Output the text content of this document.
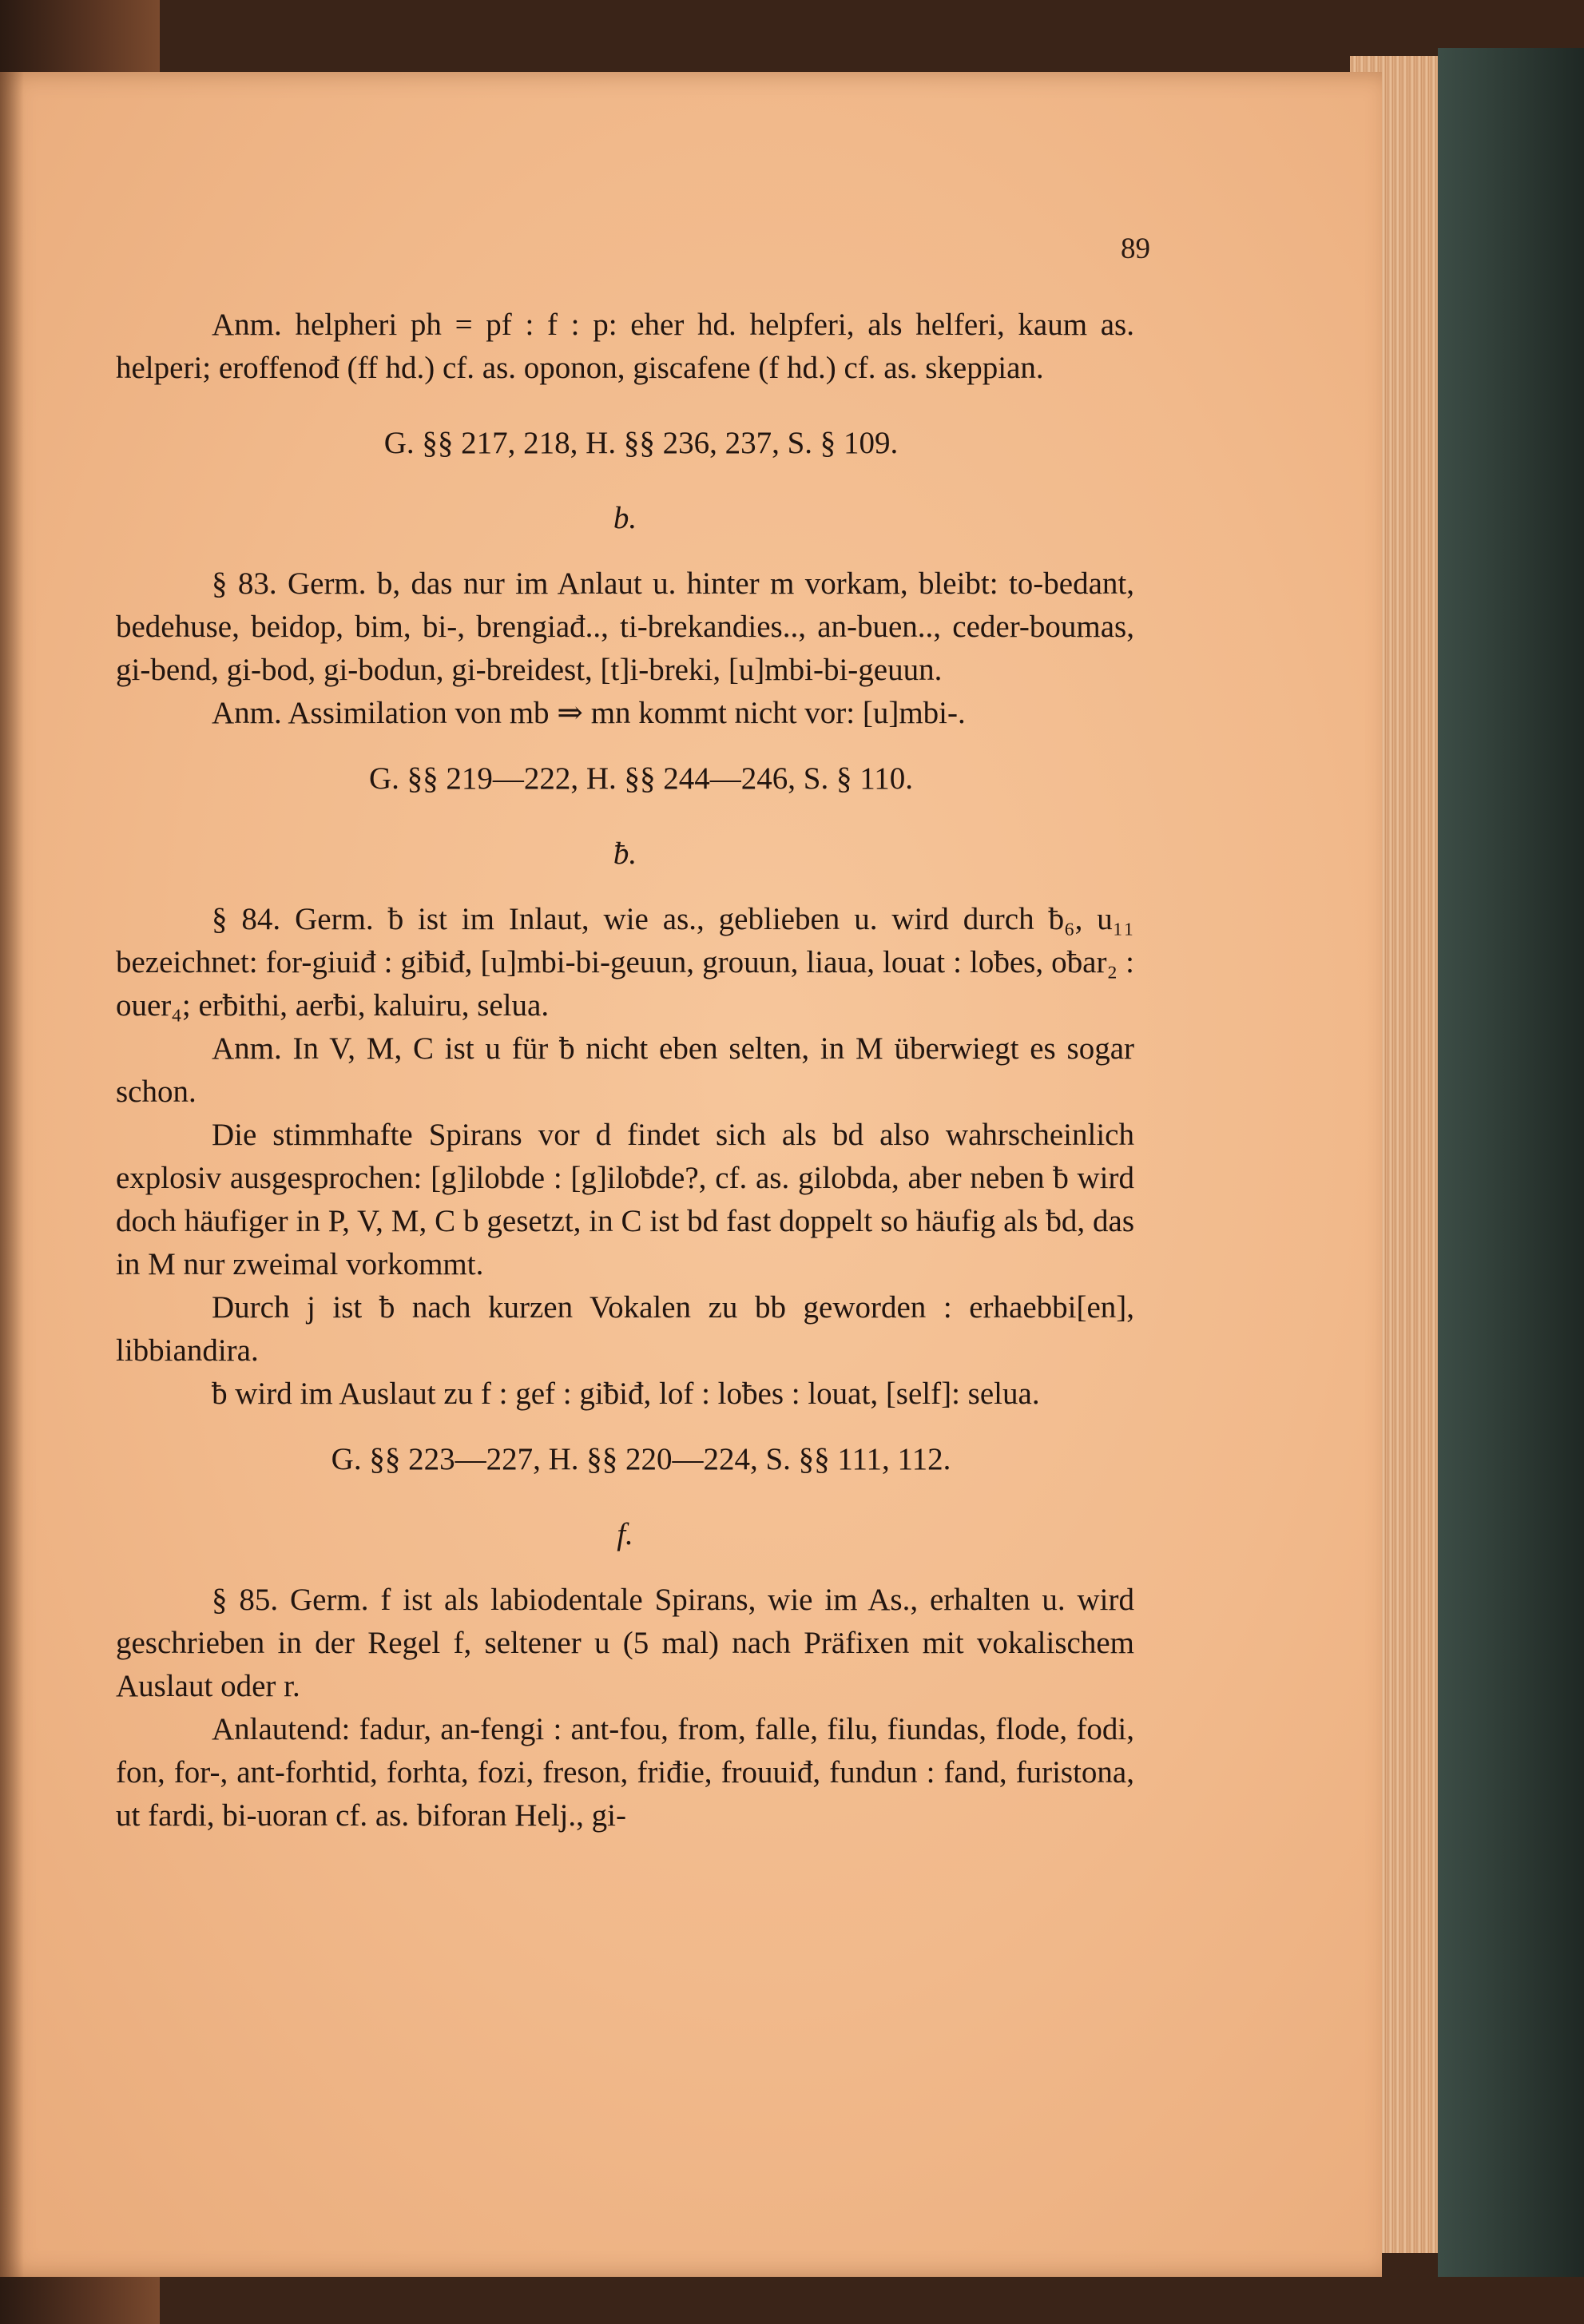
89

Anm. helpheri ph = pf : f : p: eher hd. helpferi, als helferi, kaum as. helperi; eroffenođ (ff hd.) cf. as. oponon, giscafene (f hd.) cf. as. skeppian.

G. §§ 217, 218, H. §§ 236, 237, S. § 109.

b.

§ 83. Germ. b, das nur im Anlaut u. hinter m vorkam, bleibt: to-bedant, bedehuse, beidop, bim, bi-, brengiađ.., ti-brekandies.., an-buen.., ceder-boumas, gi-bend, gi-bod, gi-bodun, gi-breidest, [t]i-breki, [u]mbi-bi-geuun.

Anm. Assimilation von mb ⇒ mn kommt nicht vor: [u]mbi-.

G. §§ 219—222, H. §§ 244—246, S. § 110.

ƀ.

§ 84. Germ. ƀ ist im Inlaut, wie as., geblieben u. wird durch ƀ₆, u₁₁ bezeichnet: for-giuiđ : giƀiđ, [u]mbi-bi-geuun, grouun, liaua, louat : loƀes, oƀar₂ : ouer₄; erƀithi, aerƀi, kaluiru, selua.

Anm. In V, M, C ist u für ƀ nicht eben selten, in M überwiegt es sogar schon.

Die stimmhafte Spirans vor d findet sich als bd also wahrscheinlich explosiv ausgesprochen: [g]ilobde : [g]iloƀde?, cf. as. gilobda, aber neben ƀ wird doch häufiger in P, V, M, C b gesetzt, in C ist bd fast doppelt so häufig als ƀd, das in M nur zweimal vorkommt.

Durch j ist ƀ nach kurzen Vokalen zu bb geworden : erhaebbi[en], libbiandira.

ƀ wird im Auslaut zu f : gef : giƀiđ, lof : loƀes : louat, [self]: selua.

G. §§ 223—227, H. §§ 220—224, S. §§ 111, 112.

f.

§ 85. Germ. f ist als labiodentale Spirans, wie im As., erhalten u. wird geschrieben in der Regel f, seltener u (5 mal) nach Präfixen mit vokalischem Auslaut oder r.

Anlautend: fadur, an-fengi : ant-fou, from, falle, filu, fiundas, flode, fodi, fon, for-, ant-forhtid, forhta, fozi, freson, friđie, frouuiđ, fundun : fand, furistona, ut fardi, bi-uoran cf. as. biforan Helj., gi-
